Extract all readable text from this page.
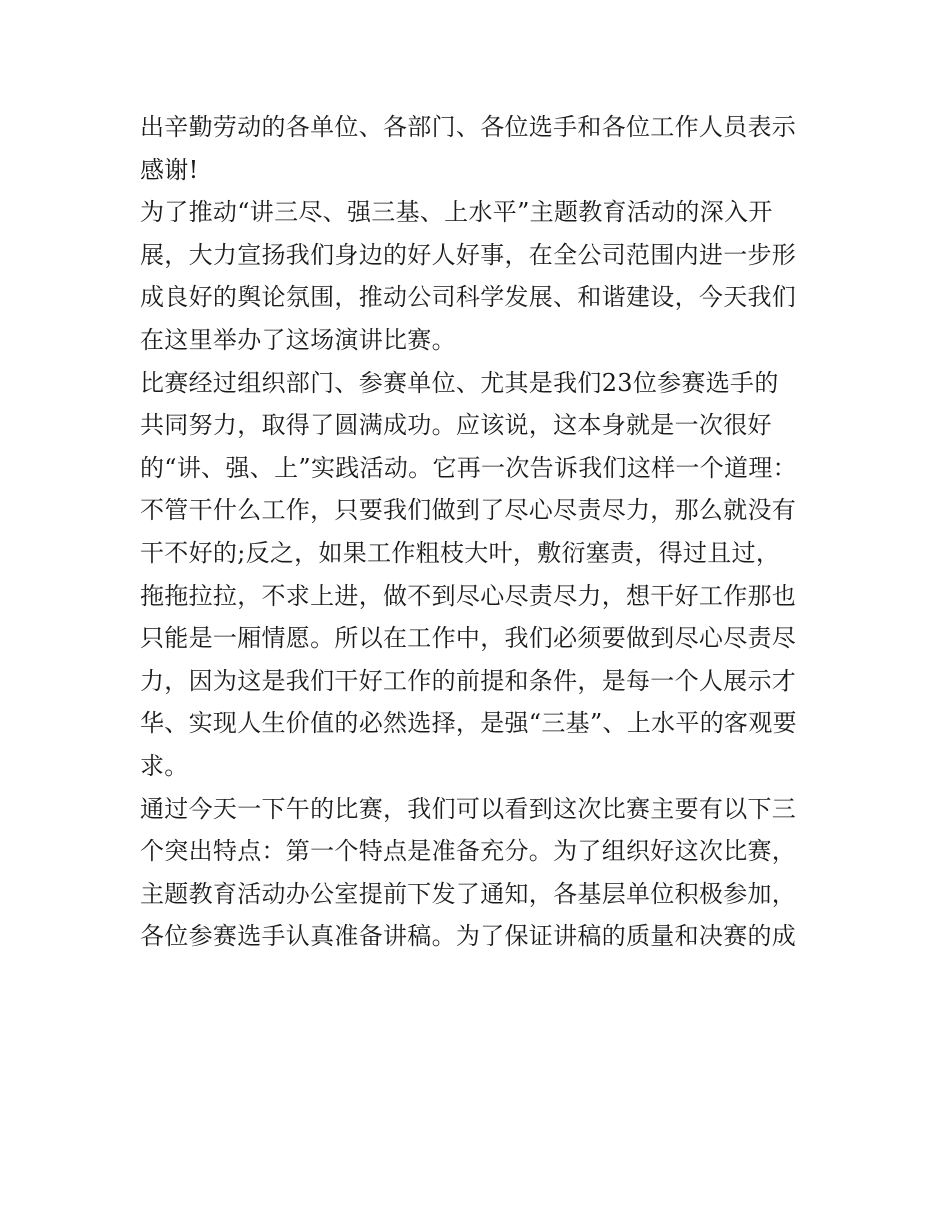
出辛勤劳动的各单位、各部门、各位选手和各位工作人员表示
感谢!
为了推动“讲三尽、强三基、上水平”主题教育活动的深入开
展，大力宣扬我们身边的好人好事，在全公司范围内进一步形
成良好的舆论氛围，推动公司科学发展、和谐建设，今天我们
在这里举办了这场演讲比赛。
比赛经过组织部门、参赛单位、尤其是我们23位参赛选手的
共同努力，取得了圆满成功。应该说，这本身就是一次很好
的“讲、强、上”实践活动。它再一次告诉我们这样一个道理：
不管干什么工作，只要我们做到了尽心尽责尽力，那么就没有
干不好的;反之，如果工作粗枝大叶，敷衍塞责，得过且过，
拖拖拉拉，不求上进，做不到尽心尽责尽力，想干好工作那也
只能是一厢情愿。所以在工作中，我们必须要做到尽心尽责尽
力，因为这是我们干好工作的前提和条件，是每一个人展示才
华、实现人生价值的必然选择，是强“三基”、上水平的客观要
求。
通过今天一下午的比赛，我们可以看到这次比赛主要有以下三
个突出特点：第一个特点是准备充分。为了组织好这次比赛，
主题教育活动办公室提前下发了通知，各基层单位积极参加，
各位参赛选手认真准备讲稿。为了保证讲稿的质量和决赛的成
